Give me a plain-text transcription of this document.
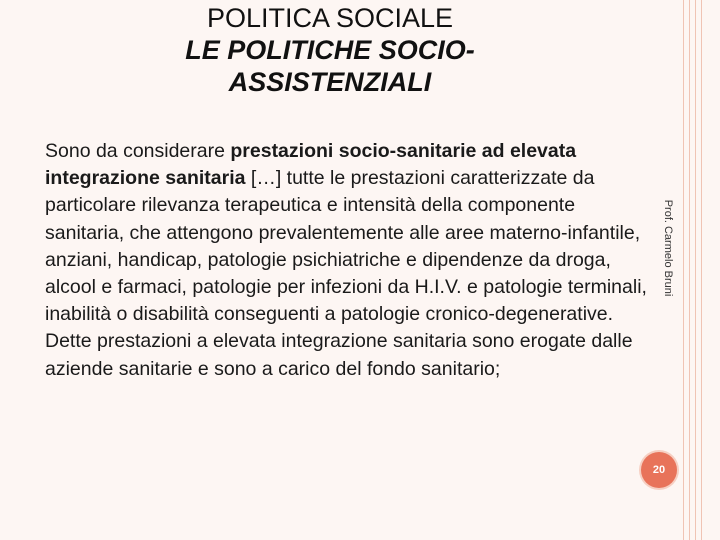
POLITICA SOCIALE
LE POLITICHE SOCIO-ASSISTENZIALI
Sono da considerare prestazioni socio-sanitarie ad elevata integrazione sanitaria […] tutte le prestazioni caratterizzate da particolare rilevanza terapeutica e intensità della componente sanitaria, che attengono prevalentemente alle aree materno-infantile, anziani, handicap, patologie psichiatriche e dipendenze da droga, alcool e farmaci, patologie per infezioni da H.I.V. e patologie terminali, inabilità o disabilità conseguenti a patologie cronico-degenerative. Dette prestazioni a elevata integrazione sanitaria sono erogate dalle aziende sanitarie e sono a carico del fondo sanitario;
Prof. Carmelo Bruni
20
